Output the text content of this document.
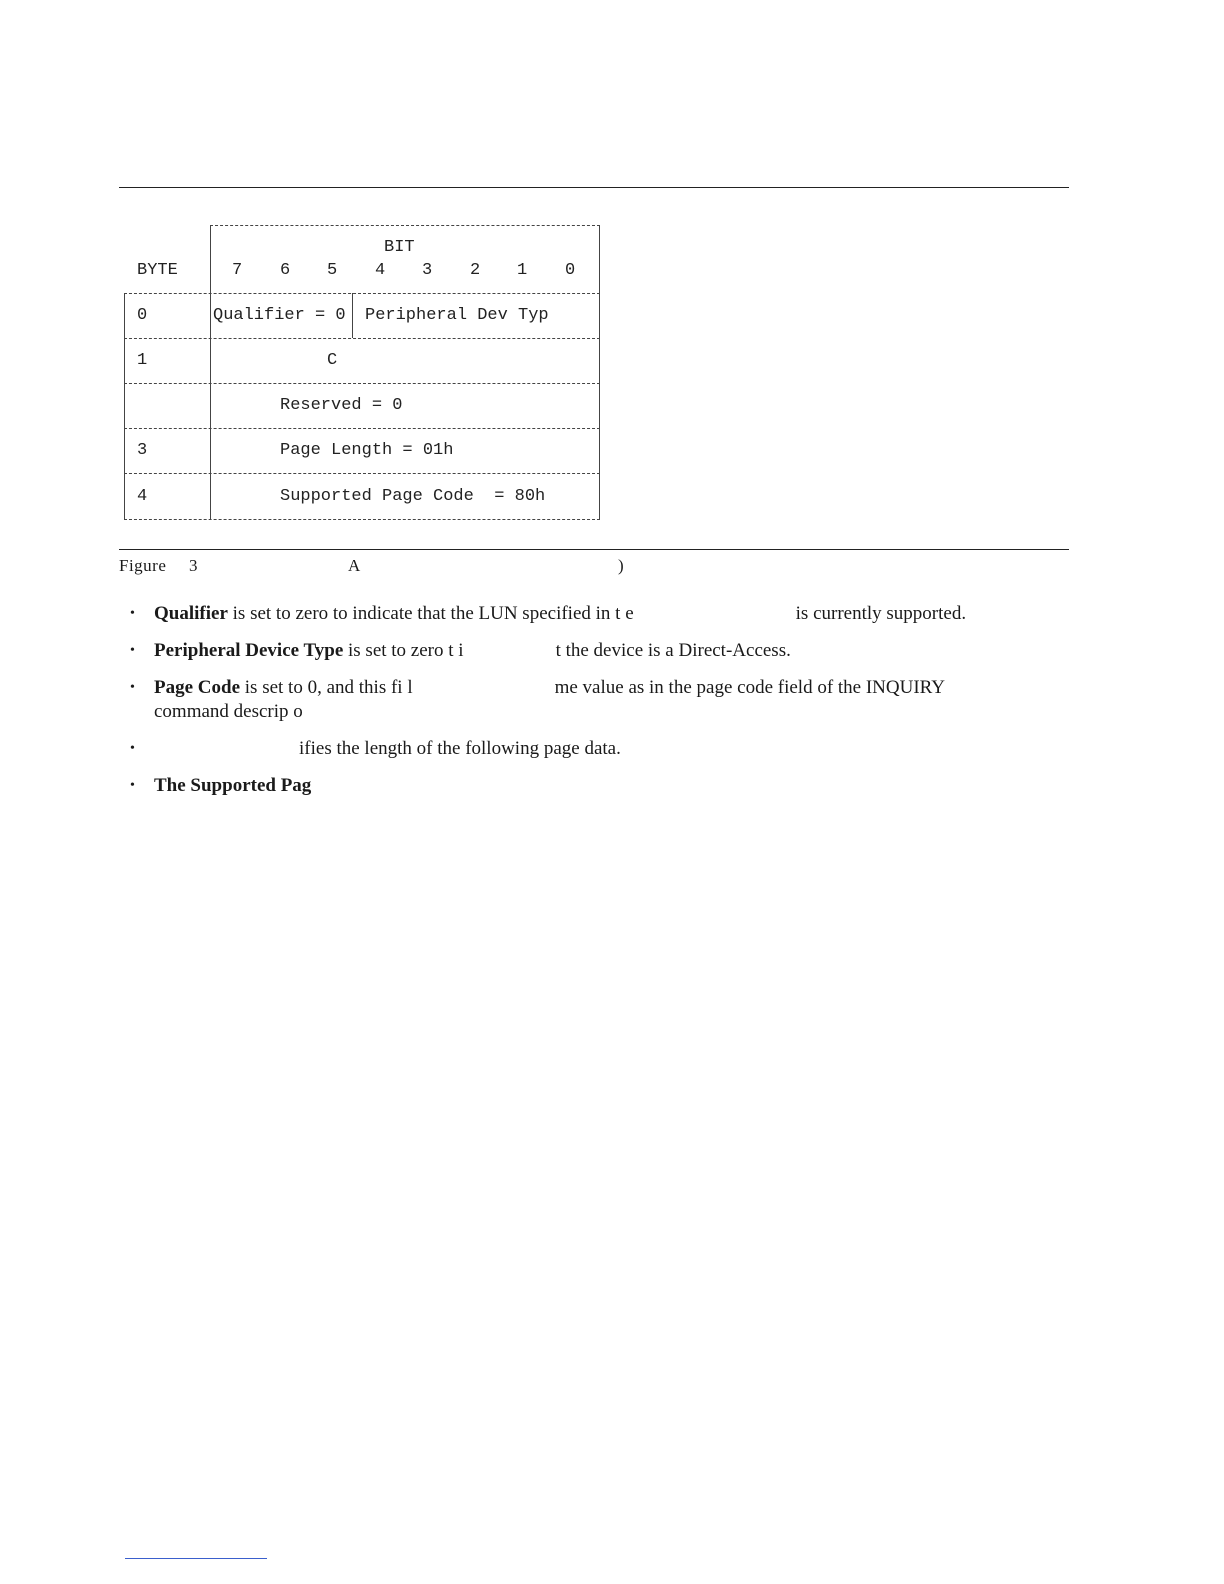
BIT
BYTE	7 6 5 4 3 2 1 0
0	Qualifier = 0 Peripheral Dev Typ
1	C
Reserved = 0
3	Page Length = 01h
4	Supported Page Code  = 80h
Figure 3	A	)
• Qualifier is set to zero to indicate that the LUN specified in t e	is currently supported.
• Peripheral Device Type is set to zero t i	t the device is a Direct-Access.
• Page Code is set to 0, and this fi l	me value as in the page code field of the INQUIRY
command descrip o
•	ifies the length of the following page data.
• The Supported Pag
